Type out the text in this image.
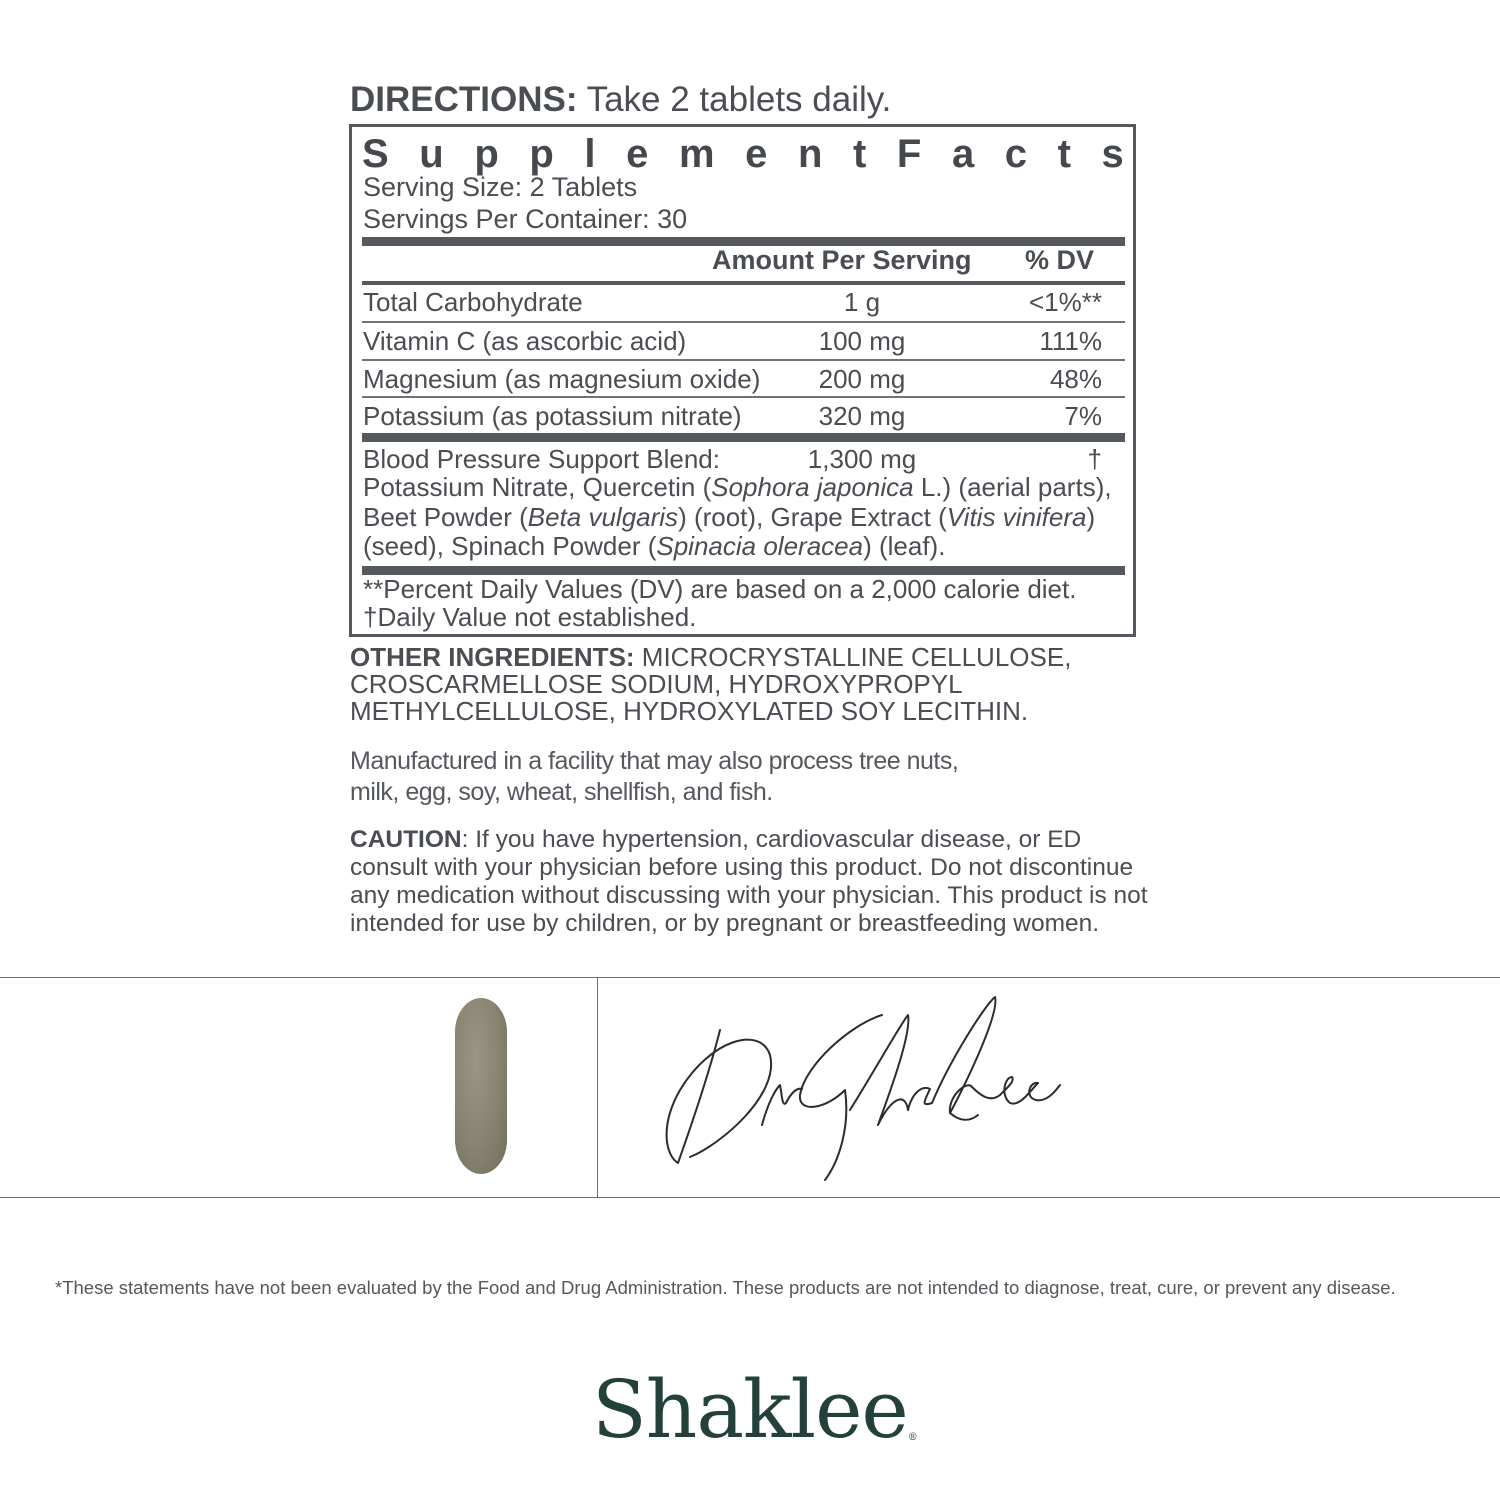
DIRECTIONS: Take 2 tablets daily.

S u p p l e m e n t F a c t s
Serving Size: 2 Tablets
Servings Per Container: 30
Amount Per Serving % DV
Total Carbohydrate	1 g	<1%**
Vitamin C (as ascorbic acid)	100 mg	111%
Magnesium (as magnesium oxide)	200 mg	48%
Potassium (as potassium nitrate)	320 mg	7%
Blood Pressure Support Blend:	1,300 mg	†

Potassium Nitrate, Quercetin (Sophora japonica L.) (aerial parts), Beet Powder (Beta vulgaris) (root), Grape Extract (Vitis vinifera) (seed), Spinach Powder (Spinacia oleracea) (leaf).

**Percent Daily Values (DV) are based on a 2,000 calorie diet.
†Daily Value not established.

OTHER INGREDIENTS: MICROCRYSTALLINE CELLULOSE, CROSCARMELLOSE SODIUM, HYDROXYPROPYL METHYLCELLULOSE, HYDROXYLATED SOY LECITHIN.

Manufactured in a facility that may also process tree nuts, milk, egg, soy, wheat, shellfish, and fish.

CAUTION: If you have hypertension, cardiovascular disease, or ED consult with your physician before using this product. Do not discontinue any medication without discussing with your physician. This product is not intended for use by children, or by pregnant or breastfeeding women.

*These statements have not been evaluated by the Food and Drug Administration. These products are not intended to diagnose, treat, cure, or prevent any disease.

Shaklee®
